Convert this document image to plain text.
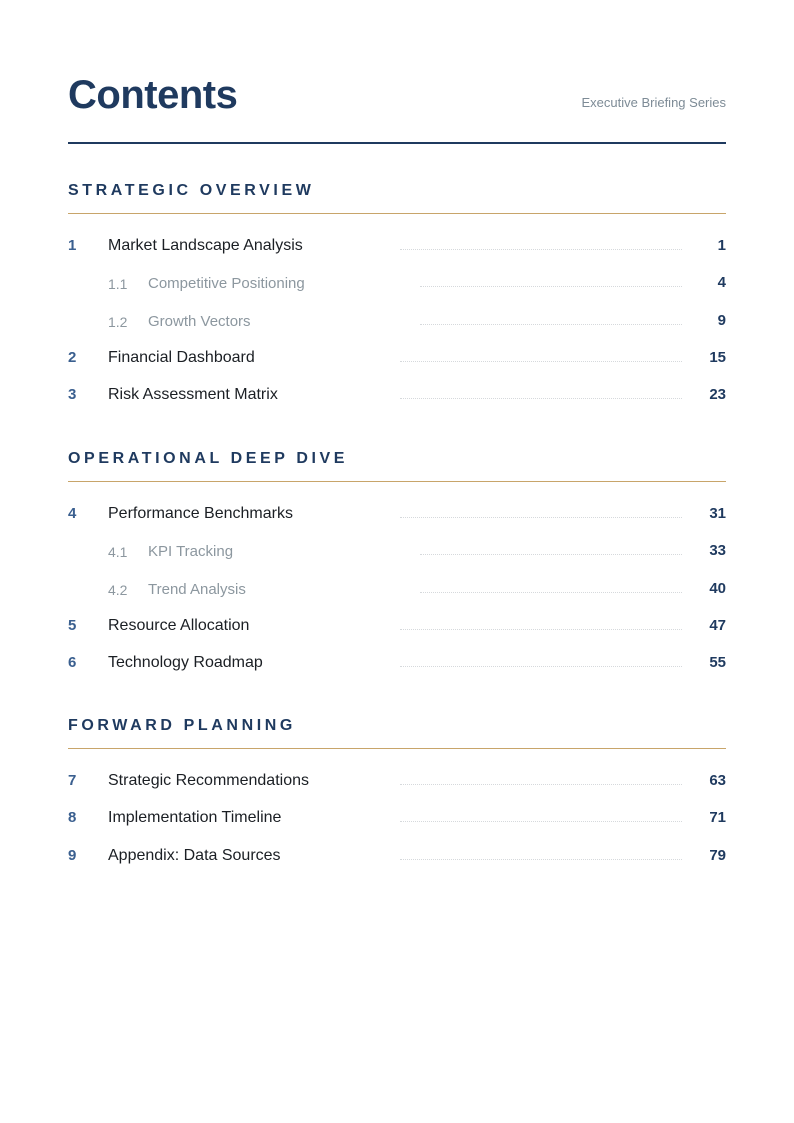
Contents	Executive Briefing Series
STRATEGIC OVERVIEW
1 Market Landscape Analysis	1
1.1 Competitive Positioning	4
1.2 Growth Vectors	9
2 Financial Dashboard	15
3 Risk Assessment Matrix	23
OPERATIONAL DEEP DIVE
4 Performance Benchmarks	31
4.1 KPI Tracking	33
4.2 Trend Analysis	40
5 Resource Allocation	47
6 Technology Roadmap	55
FORWARD PLANNING
7 Strategic Recommendations	63
8 Implementation Timeline	71
9 Appendix: Data Sources	79
